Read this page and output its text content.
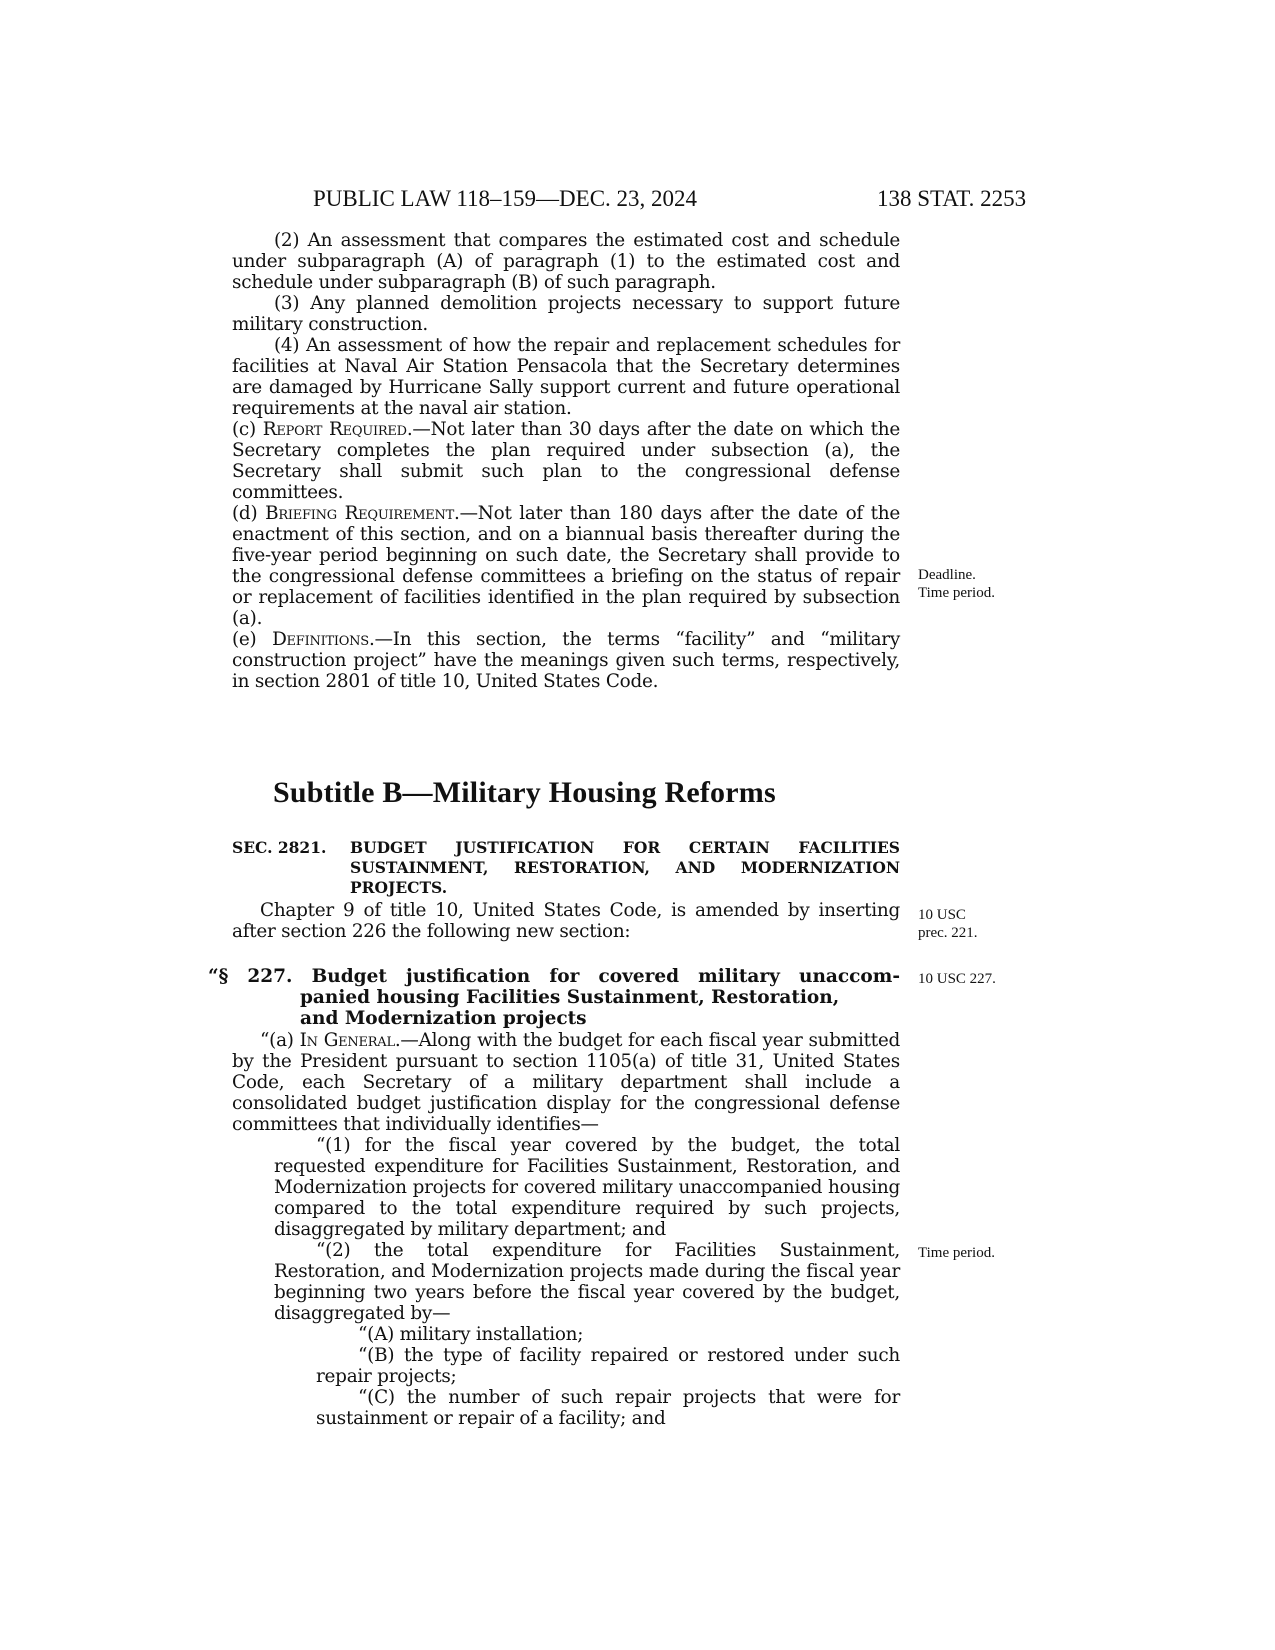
PUBLIC LAW 118–159—DEC. 23, 2024	138 STAT. 2253

(2) An assessment that compares the estimated cost and schedule under subparagraph (A) of paragraph (1) to the estimated cost and schedule under subparagraph (B) of such paragraph.

(3) Any planned demolition projects necessary to support future military construction.

(4) An assessment of how the repair and replacement schedules for facilities at Naval Air Station Pensacola that the Secretary determines are damaged by Hurricane Sally support current and future operational requirements at the naval air station.

(c) Report Required.—Not later than 30 days after the date on which the Secretary completes the plan required under subsection (a), the Secretary shall submit such plan to the congressional defense committees.

(d) Briefing Requirement.—Not later than 180 days after the date of the enactment of this section, and on a biannual basis thereafter during the five-year period beginning on such date, the Secretary shall provide to the congressional defense committees a briefing on the status of repair or replacement of facilities identified in the plan required by subsection (a).

(e) Definitions.—In this section, the terms “facility” and “military construction project” have the meanings given such terms, respectively, in section 2801 of title 10, United States Code.

Subtitle B—Military Housing Reforms
SEC. 2821.	BUDGET JUSTIFICATION FOR CERTAIN FACILITIES
SUSTAINMENT, RESTORATION, AND MODERNIZATION
PROJECTS.

Chapter 9 of title 10, United States Code, is amended by inserting after section 226 the following new section:

“§ 227. Budget justification for covered military unaccom-
panied housing Facilities Sustainment, Restoration,
and Modernization projects

“(a) In General.—Along with the budget for each fiscal year submitted by the President pursuant to section 1105(a) of title 31, United States Code, each Secretary of a military department shall include a consolidated budget justification display for the congressional defense committees that individually identifies—

“(1) for the fiscal year covered by the budget, the total requested expenditure for Facilities Sustainment, Restoration, and Modernization projects for covered military unaccompanied housing compared to the total expenditure required by such projects, disaggregated by military department; and

“(2) the total expenditure for Facilities Sustainment, Restoration, and Modernization projects made during the fiscal year beginning two years before the fiscal year covered by the budget, disaggregated by—

“(A) military installation;

“(B) the type of facility repaired or restored under such repair projects;

“(C) the number of such repair projects that were for sustainment or repair of a facility; and

Deadline.
Time period.
10 USC
prec. 221.
10 USC 227.
Time period.
